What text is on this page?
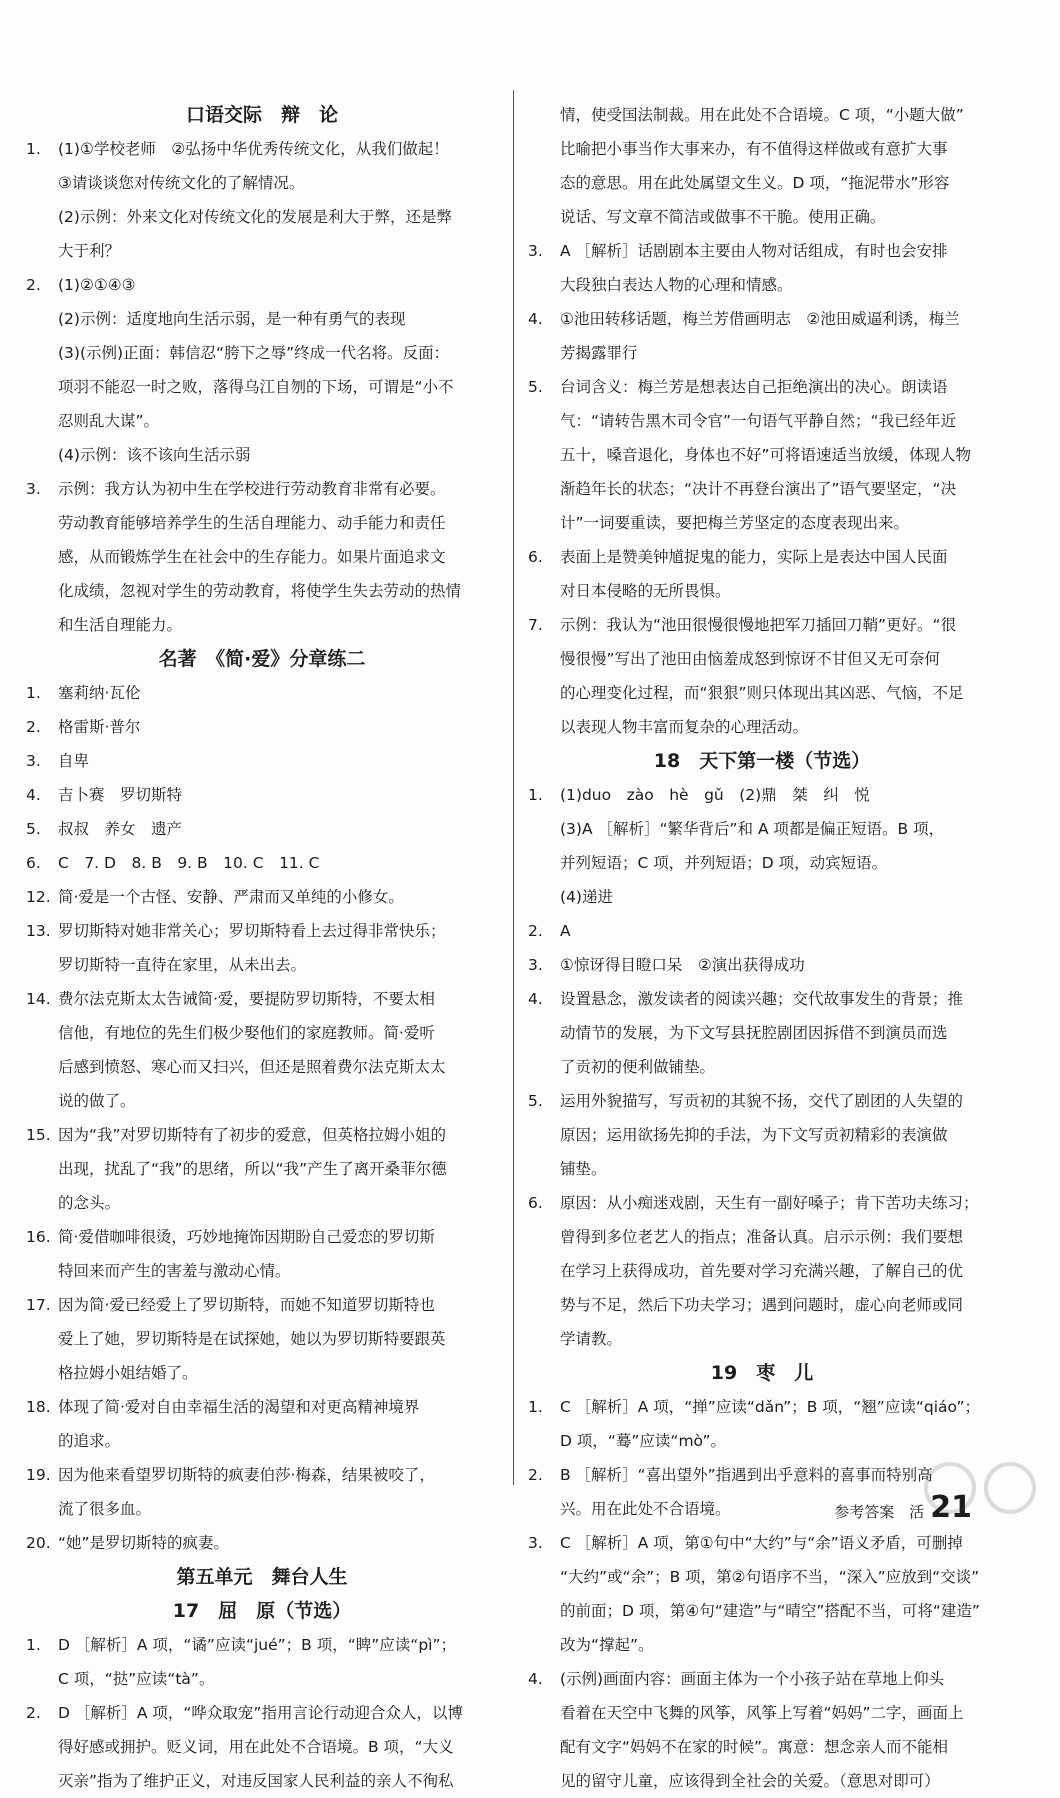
口语交际　辩　论
1.	(1)①学校老师　②弘扬中华优秀传统文化，从我们做起！
③请谈谈您对传统文化的了解情况。
(2)示例：外来文化对传统文化的发展是利大于弊，还是弊
大于利？
2.	(1)②①④③
(2)示例：适度地向生活示弱，是一种有勇气的表现
(3)(示例)正面：韩信忍“胯下之辱”终成一代名将。反面：
项羽不能忍一时之败，落得乌江自刎的下场，可谓是“小不
忍则乱大谋”。
(4)示例：该不该向生活示弱
3.	示例：我方认为初中生在学校进行劳动教育非常有必要。
劳动教育能够培养学生的生活自理能力、动手能力和责任
感，从而锻炼学生在社会中的生存能力。如果片面追求文
化成绩，忽视对学生的劳动教育，将使学生失去劳动的热情
和生活自理能力。
名著　《简·爱》分章练二
1.	塞莉纳·瓦伦
2.	格雷斯·普尔
3.	自卑
4.	吉卜赛　罗切斯特
5.	叔叔　养女　遗产
6.	C　7. D　8. B　9. B　10. C　11. C
12. 简·爱是一个古怪、安静、严肃而又单纯的小修女。
13. 罗切斯特对她非常关心；罗切斯特看上去过得非常快乐；
罗切斯特一直待在家里，从未出去。
14. 费尔法克斯太太告诫简·爱，要提防罗切斯特，不要太相
信他，有地位的先生们极少娶他们的家庭教师。简·爱听
后感到愤怒、寒心而又扫兴，但还是照着费尔法克斯太太
说的做了。
15. 因为“我”对罗切斯特有了初步的爱意，但英格拉姆小姐的
出现，扰乱了“我”的思绪，所以“我”产生了离开桑菲尔德
的念头。
16. 简·爱借咖啡很烫，巧妙地掩饰因期盼自己爱恋的罗切斯
特回来而产生的害羞与激动心情。
17. 因为简·爱已经爱上了罗切斯特，而她不知道罗切斯特也
爱上了她，罗切斯特是在试探她，她以为罗切斯特要跟英
格拉姆小姐结婚了。
18. 体现了简·爱对自由幸福生活的渴望和对更高精神境界
的追求。
19. 因为他来看望罗切斯特的疯妻伯莎·梅森，结果被咬了，
流了很多血。
20. “她”是罗切斯特的疯妻。
第五单元　舞台人生
17　屈　原（节选）
1.	D ［解析］A 项，“谲”应读“jué”；B 项，“睥”应读“pì”；
C 项，“挞”应读“tà”。
2.	D ［解析］A 项，“哗众取宠”指用言论行动迎合众人，以博
得好感或拥护。贬义词，用在此处不合语境。B 项，“大义
灭亲”指为了维护正义，对违反国家人民利益的亲人不徇私
情，使受国法制裁。用在此处不合语境。C 项，“小题大做”
比喻把小事当作大事来办，有不值得这样做或有意扩大事
态的意思。用在此处属望文生义。D 项，“拖泥带水”形容
说话、写文章不简洁或做事不干脆。使用正确。
3.	A ［解析］话剧剧本主要由人物对话组成，有时也会安排
大段独白表达人物的心理和情感。
4.	①池田转移话题，梅兰芳借画明志　②池田威逼利诱，梅兰
芳揭露罪行
5.	台词含义：梅兰芳是想表达自己拒绝演出的决心。朗读语
气：“请转告黑木司令官”一句语气平静自然；“我已经年近
五十，嗓音退化，身体也不好”可将语速适当放缓，体现人物
渐趋年长的状态；“决计不再登台演出了”语气要坚定，“决
计”一词要重读，要把梅兰芳坚定的态度表现出来。
6.	表面上是赞美钟馗捉鬼的能力，实际上是表达中国人民面
对日本侵略的无所畏惧。
7.	示例：我认为“池田很慢很慢地把军刀插回刀鞘”更好。“很
慢很慢”写出了池田由恼羞成怒到惊讶不甘但又无可奈何
的心理变化过程，而“狠狠”则只体现出其凶恶、气恼，不足
以表现人物丰富而复杂的心理活动。
18　天下第一楼（节选）
1.	(1)duo　zào　hè　gǔ　(2)鼎　桀　纠　悦
(3)A ［解析］“繁华背后”和 A 项都是偏正短语。B 项，
并列短语；C 项，并列短语；D 项，动宾短语。
(4)递进
2.	A
3.	①惊讶得目瞪口呆　②演出获得成功
4.	设置悬念，激发读者的阅读兴趣；交代故事发生的背景；推
动情节的发展，为下文写县抚腔剧团因拆借不到演员而选
了贡初的便利做铺垫。
5.	运用外貌描写，写贡初的其貌不扬，交代了剧团的人失望的
原因；运用欲扬先抑的手法，为下文写贡初精彩的表演做
铺垫。
6.	原因：从小痴迷戏剧，天生有一副好嗓子；肯下苦功夫练习；
曾得到多位老艺人的指点；准备认真。启示示例：我们要想
在学习上获得成功，首先要对学习充满兴趣，了解自己的优
势与不足，然后下功夫学习；遇到问题时，虚心向老师或同
学请教。
19　枣　儿
1.	C ［解析］A 项，“掸”应读“dǎn”；B 项，“翘”应读“qiáo”；
D 项，“蓦”应读“mò”。
2.	B ［解析］“喜出望外”指遇到出乎意料的喜事而特别高
兴。用在此处不合语境。
3.	C ［解析］A 项，第①句中“大约”与“余”语义矛盾，可删掉
“大约”或“余”；B 项，第②句语序不当，“深入”应放到“交谈”
的前面；D 项，第④句“建造”与“晴空”搭配不当，可将“建造”
改为“撑起”。
4.	(示例)画面内容：画面主体为一个小孩子站在草地上仰头
看着在天空中飞舞的风筝，风筝上写着“妈妈”二字，画面上
配有文字“妈妈不在家的时候”。寓意：想念亲人而不能相
见的留守儿童，应该得到全社会的关爱。（意思对即可）
参考答案　活 21
